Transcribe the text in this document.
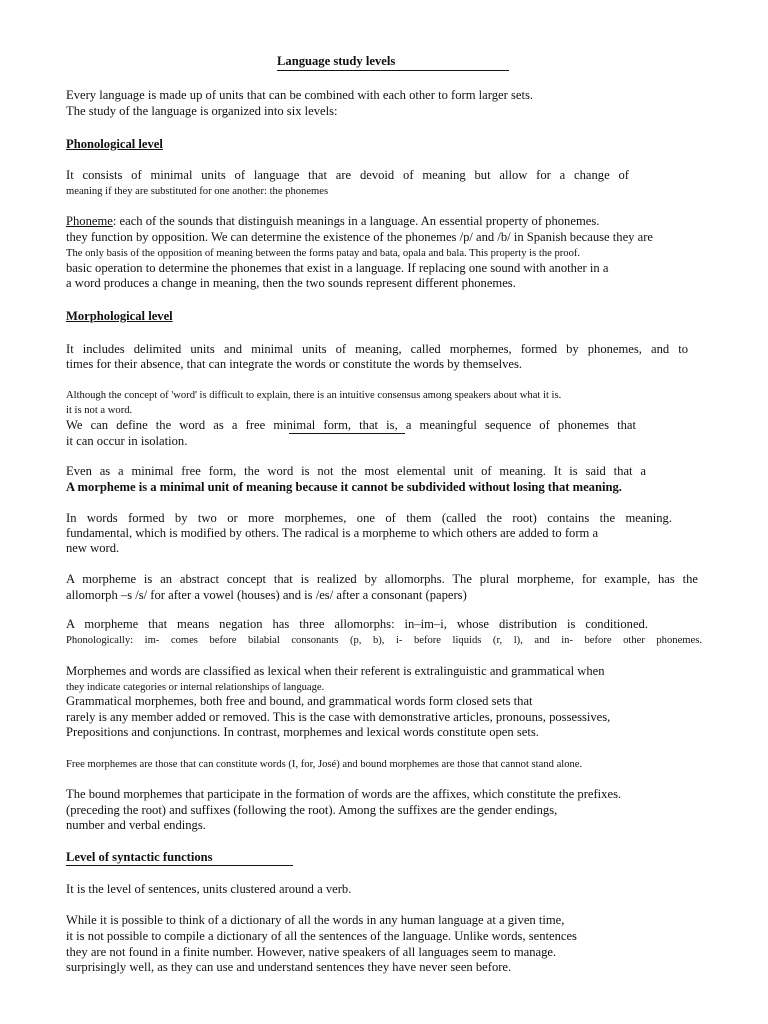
Language study levels

Every language is made up of units that can be combined with each other to form larger sets.

The study of the language is organized into six levels:

Phonological level

It consists of minimal units of language that are devoid of meaning but allow for a change of

meaning if they are substituted for one another: the phonemes

Phoneme: each of the sounds that distinguish meanings in a language. An essential property of phonemes.

they function by opposition. We can determine the existence of the phonemes /p/ and /b/ in Spanish because they are

The only basis of the opposition of meaning between the forms pataу and bata, opala and bala. This property is the proof.

basic operation to determine the phonemes that exist in a language. If replacing one sound with another in a

a word produces a change in meaning, then the two sounds represent different phonemes.

Morphological level

It includes delimited units and minimal units of meaning, called morphemes, formed by phonemes, and to

times for their absence, that can integrate the words or constitute the words by themselves.

Although the concept of 'word' is difficult to explain, there is an intuitive consensus among speakers about what it is.

it is not a word.

We can define the word as a free minimal form, that is, a meaningful sequence of phonemes that

it can occur in isolation.

Even as a minimal free form, the word is not the most elemental unit of meaning. It is said that a

A morpheme is a minimal unit of meaning because it cannot be subdivided without losing that meaning.

In words formed by two or more morphemes, one of them (called the root) contains the meaning.

fundamental, which is modified by others. The radical is a morpheme to which others are added to form a

new word.

A morpheme is an abstract concept that is realized by allomorphs. The plural morpheme, for example, has the

allomorph –s /s/ for after a vowel (houses) and is /es/ after a consonant (papers)

A morpheme that means negation has three allomorphs: in–im–i, whose distribution is conditioned.

Phonologically: im- comes before bilabial consonants (p, b), i- before liquids (r, l), and in- before other phonemes.

Morphemes and words are classified as lexical when their referent is extralinguistic and grammatical when

they indicate categories or internal relationships of language.

Grammatical morphemes, both free and bound, and grammatical words form closed sets that

rarely is any member added or removed. This is the case with demonstrative articles, pronouns, possessives,

Prepositions and conjunctions. In contrast, morphemes and lexical words constitute open sets.

Free morphemes are those that can constitute words (I, for, José) and bound morphemes are those that cannot stand alone.

The bound morphemes that participate in the formation of words are the affixes, which constitute the prefixes.

(preceding the root) and suffixes (following the root). Among the suffixes are the gender endings,

number and verbal endings.

Level of syntactic functions

It is the level of sentences, units clustered around a verb.

While it is possible to think of a dictionary of all the words in any human language at a given time,

it is not possible to compile a dictionary of all the sentences of the language. Unlike words, sentences

they are not found in a finite number. However, native speakers of all languages seem to manage.

surprisingly well, as they can use and understand sentences they have never seen before.
